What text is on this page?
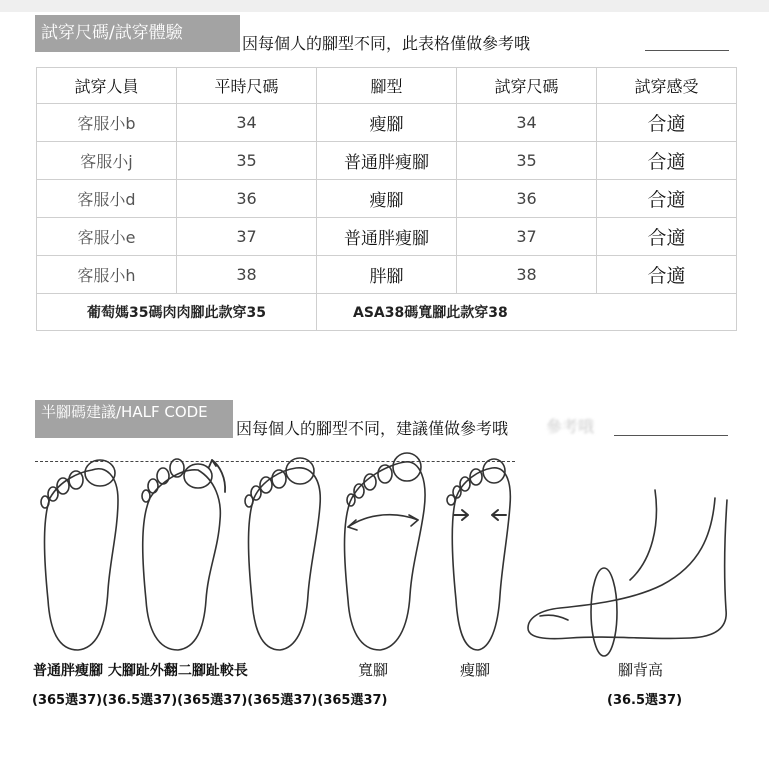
試穿尺碼/試穿體驗
因每個人的腳型不同，此表格僅做參考哦
試穿人員	平時尺碼	腳型	試穿尺碼	試穿感受
客服小b	34	瘦腳	34	合適
客服小j	35	普通胖瘦腳	35	合適
客服小d	36	瘦腳	36	合適
客服小e	37	普通胖瘦腳	37	合適
客服小h	38	胖腳	38	合適
葡萄媽35碼肉肉腳此款穿35		ASA38碼寬腳此款穿38		
半腳碼建議/HALF CODE
因每個人的腳型不同，建議僅做參考哦 參考哦
普通胖瘦腳 大腳趾外翻二腳趾較長	寬腳	瘦腳	腳背高
(365選37)(36.5選37)(365選37)(365選37)(365選37)	(36.5選37)
